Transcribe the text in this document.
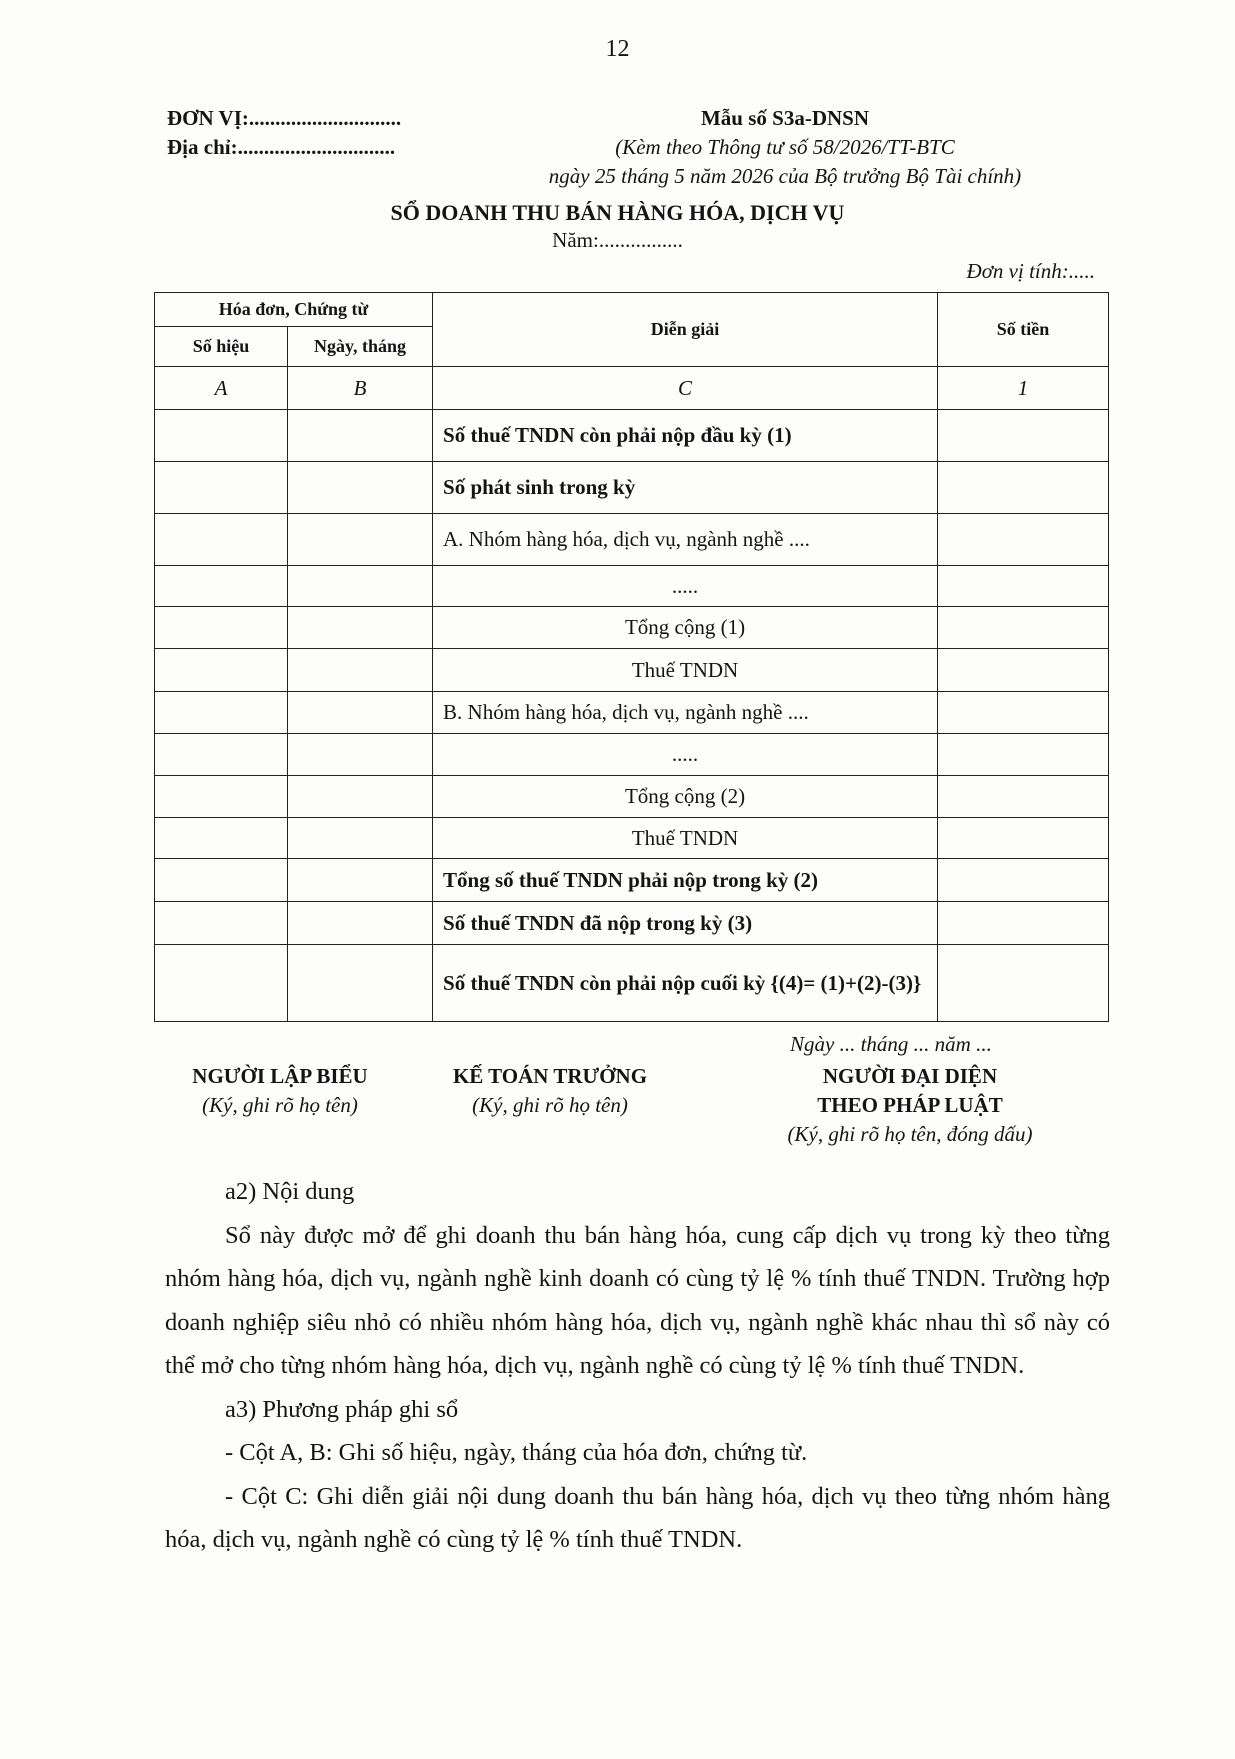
12
ĐƠN VỊ:.............................
Địa chỉ:..............................
Mẫu số S3a-DNSN
(Kèm theo Thông tư số 58/2026/TT-BTC
ngày 25 tháng 5 năm 2026 của Bộ trưởng Bộ Tài chính)
SỔ DOANH THU BÁN HÀNG HÓA, DỊCH VỤ
Năm:................
Đơn vị tính:.....
Hóa đơn, Chứng từ		Diễn giải	Số tiền
Số hiệu	Ngày, tháng		
A	B	C	1
		Số thuế TNDN còn phải nộp đầu kỳ (1)	
		Số phát sinh trong kỳ	
		A. Nhóm hàng hóa, dịch vụ, ngành nghề ....	
		.....	
		Tổng cộng (1)	
		Thuế TNDN	
		B. Nhóm hàng hóa, dịch vụ, ngành nghề ....	
		.....	
		Tổng cộng (2)	
		Thuế TNDN	
		Tổng số thuế TNDN phải nộp trong kỳ (2)	
		Số thuế TNDN đã nộp trong kỳ (3)	
		Số thuế TNDN còn phải nộp cuối kỳ {(4)= (1)+(2)-(3)}	
Ngày ... tháng ... năm ...
NGƯỜI LẬP BIỂU
(Ký, ghi rõ họ tên)
KẾ TOÁN TRƯỞNG
(Ký, ghi rõ họ tên)
NGƯỜI ĐẠI DIỆN
THEO PHÁP LUẬT
(Ký, ghi rõ họ tên, đóng dấu)

a2) Nội dung

Sổ này được mở để ghi doanh thu bán hàng hóa, cung cấp dịch vụ trong kỳ theo từng nhóm hàng hóa, dịch vụ, ngành nghề kinh doanh có cùng tỷ lệ % tính thuế TNDN. Trường hợp doanh nghiệp siêu nhỏ có nhiều nhóm hàng hóa, dịch vụ, ngành nghề khác nhau thì sổ này có thể mở cho từng nhóm hàng hóa, dịch vụ, ngành nghề có cùng tỷ lệ % tính thuế TNDN.

a3) Phương pháp ghi sổ

- Cột A, B: Ghi số hiệu, ngày, tháng của hóa đơn, chứng từ.

- Cột C: Ghi diễn giải nội dung doanh thu bán hàng hóa, dịch vụ theo từng nhóm hàng hóa, dịch vụ, ngành nghề có cùng tỷ lệ % tính thuế TNDN.
